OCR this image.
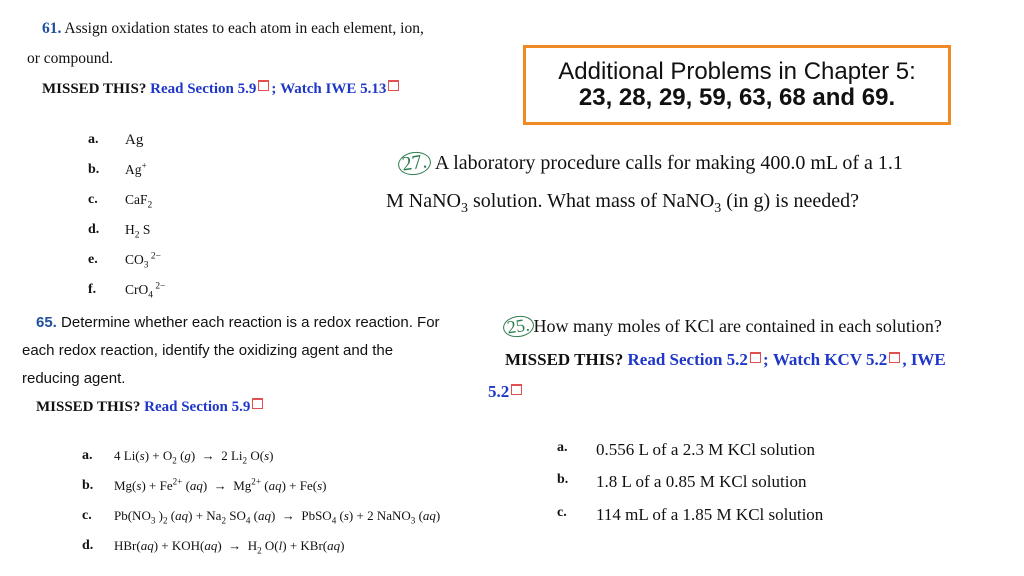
61. Assign oxidation states to each atom in each element, ion,
or compound.
MISSED THIS? Read Section 5.9 ; Watch IWE 5.13
a. Ag
b. Ag+
c. CaF$_2$
d. $H_2$ S
e. $CO_3$ $^{2-}$
f. CrO$_4$ $^{2-}$
Additional Problems in Chapter 5:
23, 28, 29, 59, 63, 68 and 69.
27. A laboratory procedure calls for making 400.0 mL of a 1.1
M NaNO$_3$ solution. What mass of NaNO$_3$ (in g) is needed?
65. Determine whether each reaction is a redox reaction. For
each redox reaction, identify the oxidizing agent and the
reducing agent.
MISSED THIS? Read Section 5.9
a. 4 $Li(s) + O_2$ (g)  →  2 $Li_2$ O(s)
b. $Mg(s) + Fe^{2+}$ $(aq) \to Mg^{2+}$ (aq) + Fe(s)
c. $Pb(NO_3$ )$_2$ $(aq) + Na_2$ $SO_4$ (aq)  →  PbSO$_4$ (s) + 2 NaNO$_3$ (aq)
d. $HBr(aq) + KOH(aq) \to H_2$ O(l) + KBr(aq)
25. How many moles of KCl are contained in each solution?
MISSED THIS? Read Section 5.2 ; Watch KCV 5.2 , IWE
5.2
a. 0.556 L of a 2.3 M KCl solution
b. 1.8 L of a 0.85 M KCl solution
c. 114 mL of a 1.85 M KCl solution
